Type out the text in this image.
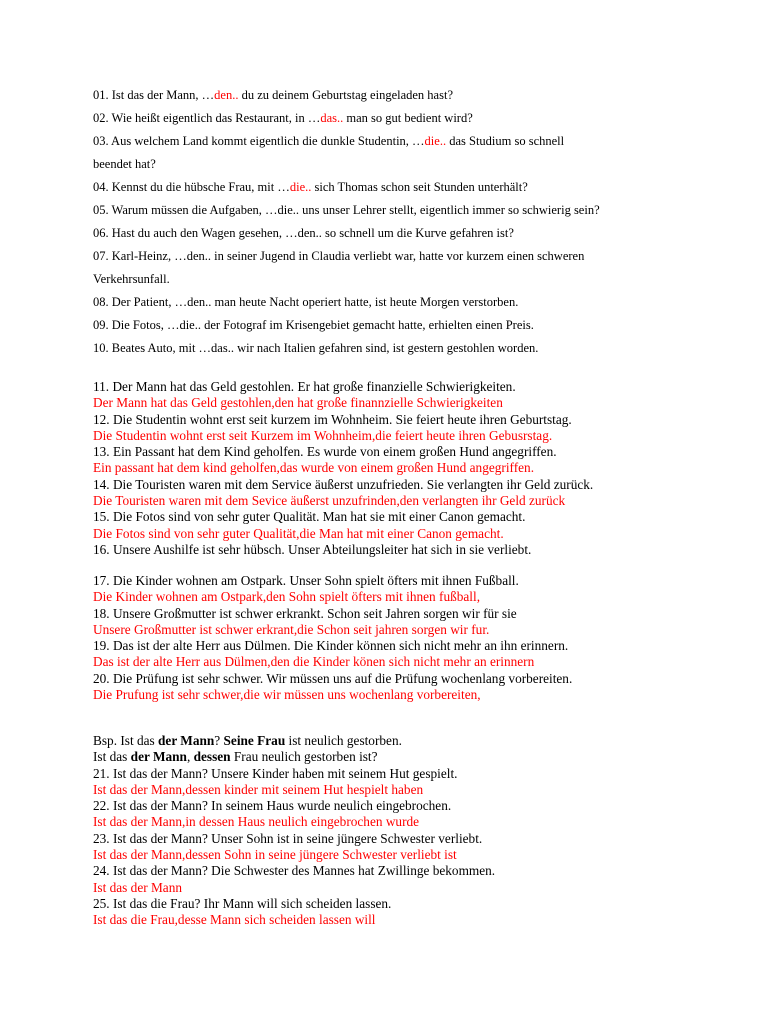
01. Ist das der Mann, …den.. du zu deinem Geburtstag eingeladen hast?
02. Wie heißt eigentlich das Restaurant, in …das.. man so gut bedient wird?
03. Aus welchem Land kommt eigentlich die dunkle Studentin, …die.. das Studium so schnell
beendet hat?
04. Kennst du die hübsche Frau, mit …die.. sich Thomas schon seit Stunden unterhält?
05. Warum müssen die Aufgaben, …die.. uns unser Lehrer stellt, eigentlich immer so schwierig sein?
06. Hast du auch den Wagen gesehen, …den.. so schnell um die Kurve gefahren ist?
07. Karl-Heinz, …den.. in seiner Jugend in Claudia verliebt war, hatte vor kurzem einen schweren
Verkehrsunfall.
08. Der Patient, …den.. man heute Nacht operiert hatte, ist heute Morgen verstorben.
09. Die Fotos, …die.. der Fotograf im Krisengebiet gemacht hatte, erhielten einen Preis.
10. Beates Auto, mit …das.. wir nach Italien gefahren sind, ist gestern gestohlen worden.
11. Der Mann hat das Geld gestohlen. Er hat große finanzielle Schwierigkeiten.
Der Mann hat das Geld gestohlen,den hat große finannzielle Schwierigkeiten
12. Die Studentin wohnt erst seit kurzem im Wohnheim. Sie feiert heute ihren Geburtstag.
Die Studentin wohnt erst seit Kurzem im Wohnheim,die feiert heute ihren Gebusrstag.
13. Ein Passant hat dem Kind geholfen. Es wurde von einem großen Hund angegriffen.
Ein passant hat dem kind geholfen,das wurde von einem großen Hund angegriffen.
14. Die Touristen waren mit dem Service äußerst unzufrieden. Sie verlangten ihr Geld zurück.
Die Touristen waren mit dem Sevice äußerst unzufrinden,den verlangten ihr Geld zurück
15. Die Fotos sind von sehr guter Qualität. Man hat sie mit einer Canon gemacht.
Die Fotos sind von sehr guter Qualität,die Man hat mit einer Canon gemacht.
16. Unsere Aushilfe ist sehr hübsch. Unser Abteilungsleiter hat sich in sie verliebt.
17. Die Kinder wohnen am Ostpark. Unser Sohn spielt öfters mit ihnen Fußball.
Die Kinder wohnen am Ostpark,den Sohn spielt öfters mit ihnen fußball,
18. Unsere Großmutter ist schwer erkrankt. Schon seit Jahren sorgen wir für sie
Unsere Großmutter ist schwer erkrant,die Schon seit jahren sorgen wir fur.
19. Das ist der alte Herr aus Dülmen. Die Kinder können sich nicht mehr an ihn erinnern.
Das ist der alte Herr aus Dülmen,den die Kinder könen sich nicht mehr an erinnern
20. Die Prüfung ist sehr schwer. Wir müssen uns auf die Prüfung wochenlang vorbereiten.
Die Prufung ist sehr schwer,die wir müssen uns wochenlang vorbereiten,
Bsp. Ist das der Mann? Seine Frau ist neulich gestorben.
Ist das der Mann, dessen Frau neulich gestorben ist?
21. Ist das der Mann? Unsere Kinder haben mit seinem Hut gespielt.
Ist das der Mann,dessen kinder mit seinem Hut hespielt haben
22. Ist das der Mann? In seinem Haus wurde neulich eingebrochen.
Ist das der Mann,in dessen Haus neulich eingebrochen wurde
23. Ist das der Mann? Unser Sohn ist in seine jüngere Schwester verliebt.
Ist das der Mann,dessen Sohn in seine jüngere Schwester verliebt ist
24. Ist das der Mann? Die Schwester des Mannes hat Zwillinge bekommen.
Ist das der Mann
25. Ist das die Frau? Ihr Mann will sich scheiden lassen.
Ist das die Frau,desse Mann sich scheiden lassen will
